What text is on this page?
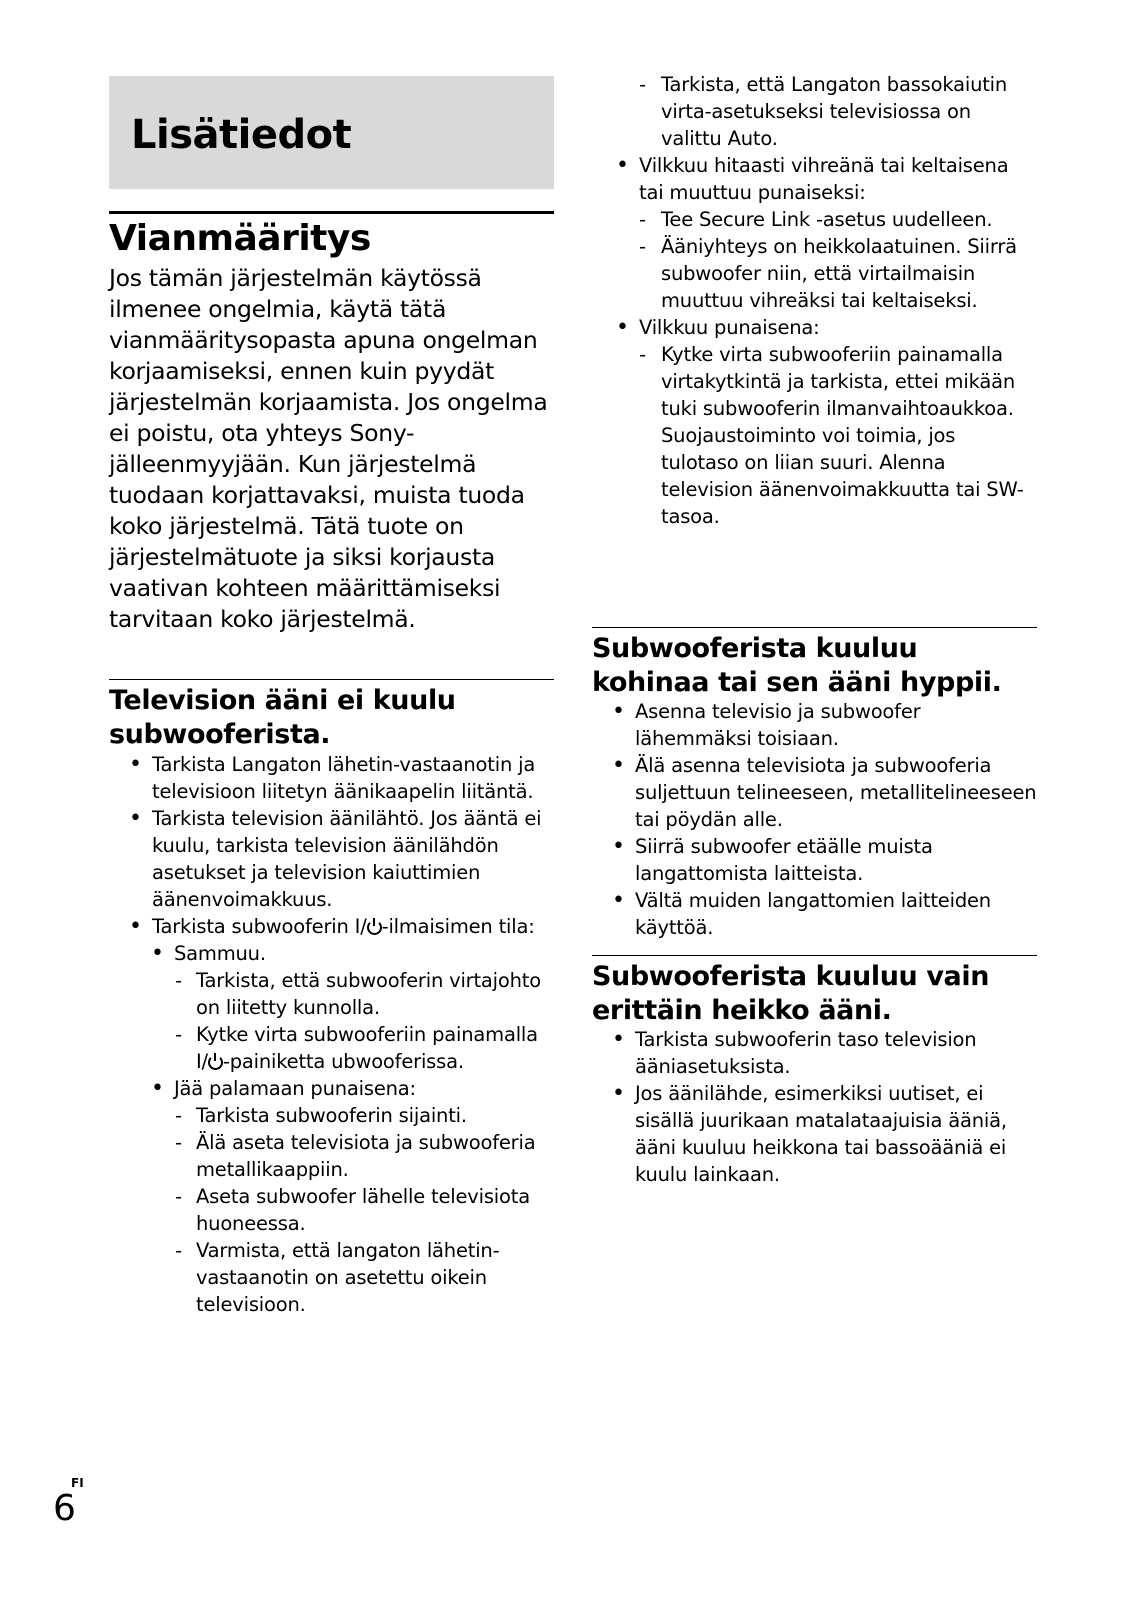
Lisätiedot
Vianmääritys

Jos tämän järjestelmän käytössä ilmenee ongelmia, käytä tätä vianmääritysopasta apuna ongelman korjaamiseksi, ennen kuin pyydät järjestelmän korjaamista. Jos ongelma ei poistu, ota yhteys Sony-jälleenmyyjään. Kun järjestelmä tuodaan korjattavaksi, muista tuoda koko järjestelmä. Tätä tuote on järjestelmätuote ja siksi korjausta vaativan kohteen määrittämiseksi tarvitaan koko järjestelmä.

Television ääni ei kuulu subwooferista.
• Tarkista Langaton lähetin-vastaanotin ja televisioon liitetyn äänikaapelin liitäntä.
• Tarkista television äänilähtö. Jos ääntä ei kuulu, tarkista television äänilähdön asetukset ja television kaiuttimien äänenvoimakkuus.
• Tarkista subwooferin I/ -ilmaisimen tila:
• Sammuu.
- Tarkista, että subwooferin virtajohto on liitetty kunnolla.
- Kytke virta subwooferiin painamalla I/ -painiketta ubwooferissa.
• Jää palamaan punaisena:
- Tarkista subwooferin sijainti.
- Älä aseta televisiota ja subwooferia metallikaappiin.
- Aseta subwoofer lähelle televisiota huoneessa.
- Varmista, että langaton lähetin-vastaanotin on asetettu oikein televisioon.
- Tarkista, että Langaton bassokaiutin virta-asetukseksi televisiossa on valittu Auto.
• Vilkkuu hitaasti vihreänä tai keltaisena tai muuttuu punaiseksi:
- Tee Secure Link -asetus uudelleen.
- Ääniyhteys on heikkolaatuinen. Siirrä subwoofer niin, että virtailmaisin muuttuu vihreäksi tai keltaiseksi.
• Vilkkuu punaisena:
- Kytke virta subwooferiin painamalla virtakytkintä ja tarkista, ettei mikään tuki subwooferin ilmanvaihtoaukkoa. Suojaustoiminto voi toimia, jos tulotaso on liian suuri. Alenna television äänenvoimakkuutta tai SW-tasoa.
Subwooferista kuuluu kohinaa tai sen ääni hyppii.
• Asenna televisio ja subwoofer lähemmäksi toisiaan.
• Älä asenna televisiota ja subwooferia suljettuun telineeseen, metallitelineeseen tai pöydän alle.
• Siirrä subwoofer etäälle muista langattomista laitteista.
• Vältä muiden langattomien laitteiden käyttöä.
Subwooferista kuuluu vain erittäin heikko ääni.
• Tarkista subwooferin taso television ääniasetuksista.
• Jos äänilähde, esimerkiksi uutiset, ei sisällä juurikaan matalataajuisia ääniä, ääni kuuluu heikkona tai bassoääniä ei kuulu lainkaan.
FI
6
